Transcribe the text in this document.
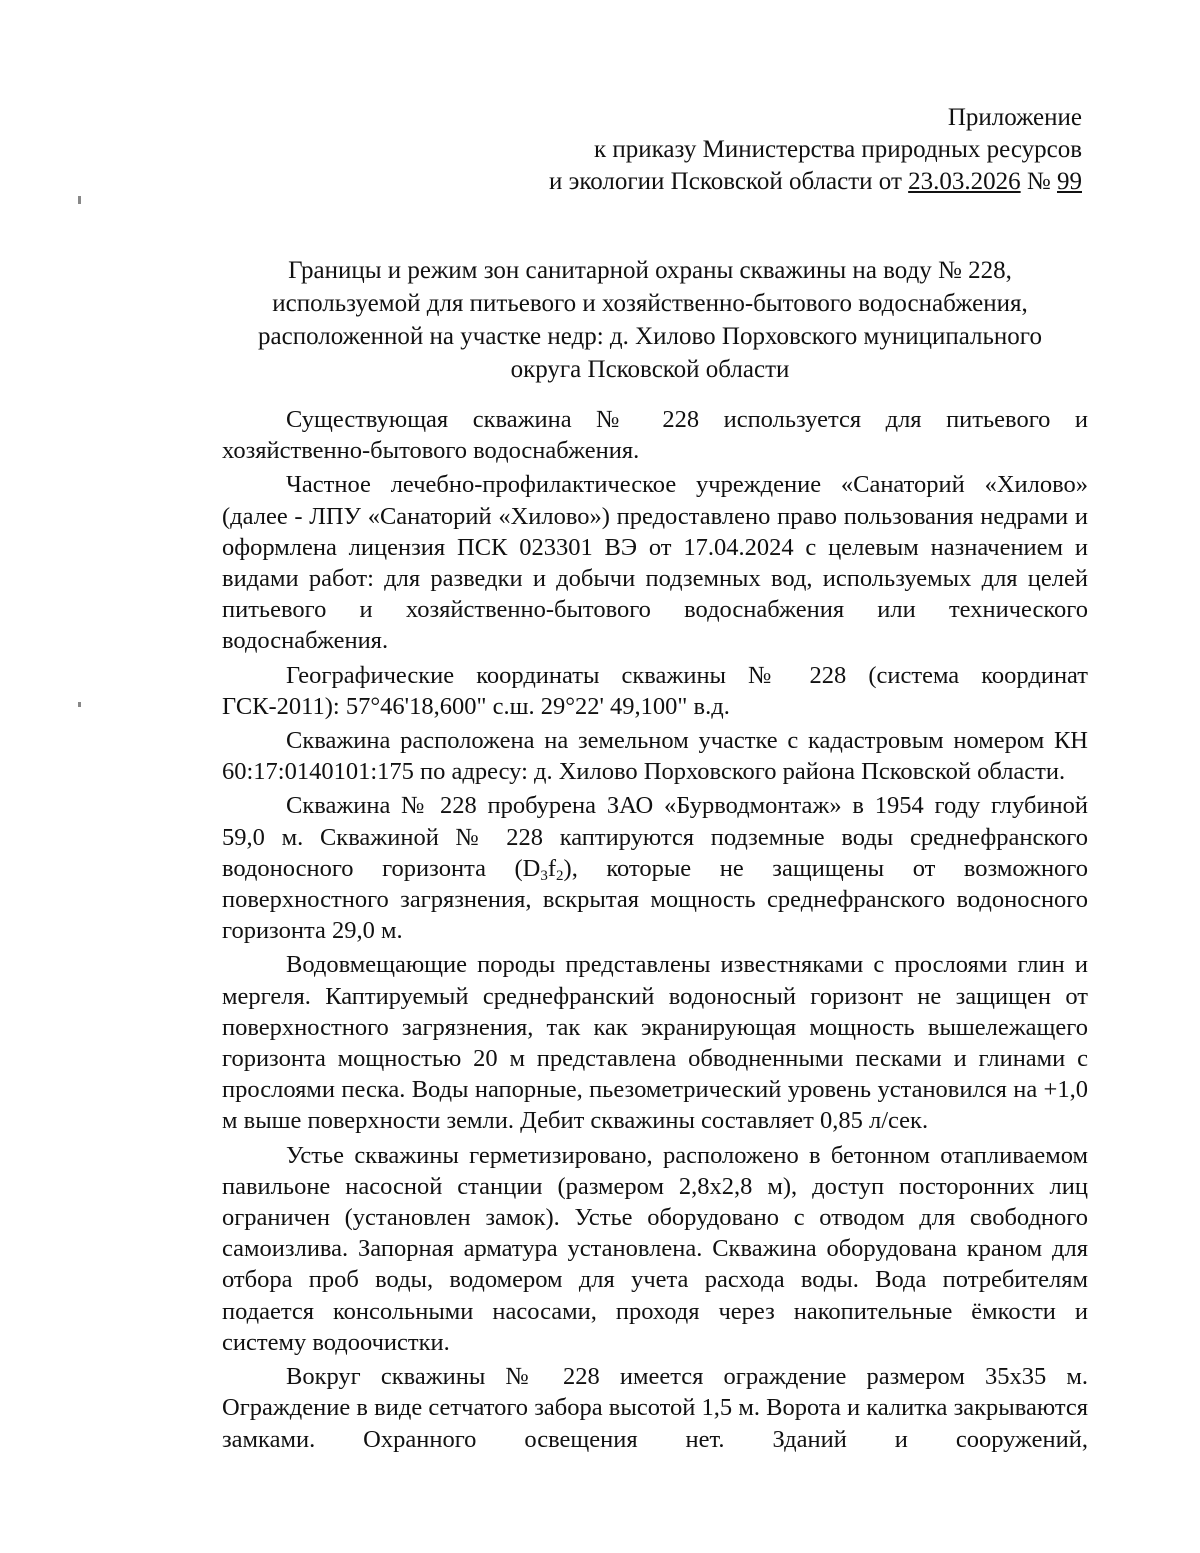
Приложение
к приказу Министерства природных ресурсов
и экологии Псковской области от 23.03.2026 № 99
Границы и режим зон санитарной охраны скважины на воду № 228,
используемой для питьевого и хозяйственно-бытового водоснабжения,
расположенной на участке недр: д. Хилово Порховского муниципального
округа Псковской области

Существующая скважина № 228 используется для питьевого и хозяйственно-бытового водоснабжения.

Частное лечебно-профилактическое учреждение «Санаторий «Хилово» (далее - ЛПУ «Санаторий «Хилово») предоставлено право пользования недрами и оформлена лицензия ПСК 023301 ВЭ от 17.04.2024 с целевым назначением и видами работ: для разведки и добычи подземных вод, используемых для целей питьевого и хозяйственно-бытового водоснабжения или технического водоснабжения.

Географические координаты скважины № 228 (система координат ГСК-2011): 57°46'18,600" с.ш. 29°22' 49,100" в.д.

Скважина расположена на земельном участке с кадастровым номером КН 60:17:0140101:175 по адресу: д. Хилово Порховского района Псковской области.

Скважина № 228 пробурена ЗАО «Бурводмонтаж» в 1954 году глубиной 59,0 м. Скважиной № 228 каптируются подземные воды среднефранского водоносного горизонта $(D_3f_2)$, которые не защищены от возможного поверхностного загрязнения, вскрытая мощность среднефранского водоносного горизонта 29,0 м.

Водовмещающие породы представлены известняками с прослоями глин и мергеля. Каптируемый среднефранский водоносный горизонт не защищен от поверхностного загрязнения, так как экранирующая мощность вышележащего горизонта мощностью 20 м представлена обводненными песками и глинами с прослоями песка. Воды напорные, пьезометрический уровень установился на +1,0 м выше поверхности земли. Дебит скважины составляет 0,85 л/сек.

Устье скважины герметизировано, расположено в бетонном отапливаемом павильоне насосной станции (размером 2,8х2,8 м), доступ посторонних лиц ограничен (установлен замок). Устье оборудовано с отводом для свободного самоизлива. Запорная арматура установлена. Скважина оборудована краном для отбора проб воды, водомером для учета расхода воды. Вода потребителям подается консольными насосами, проходя через накопительные ёмкости и систему водоочистки.

Вокруг скважины № 228 имеется ограждение размером 35х35 м. Ограждение в виде сетчатого забора высотой 1,5 м. Ворота и калитка закрываются замками. Охранного освещения нет. Зданий и сооружений,
